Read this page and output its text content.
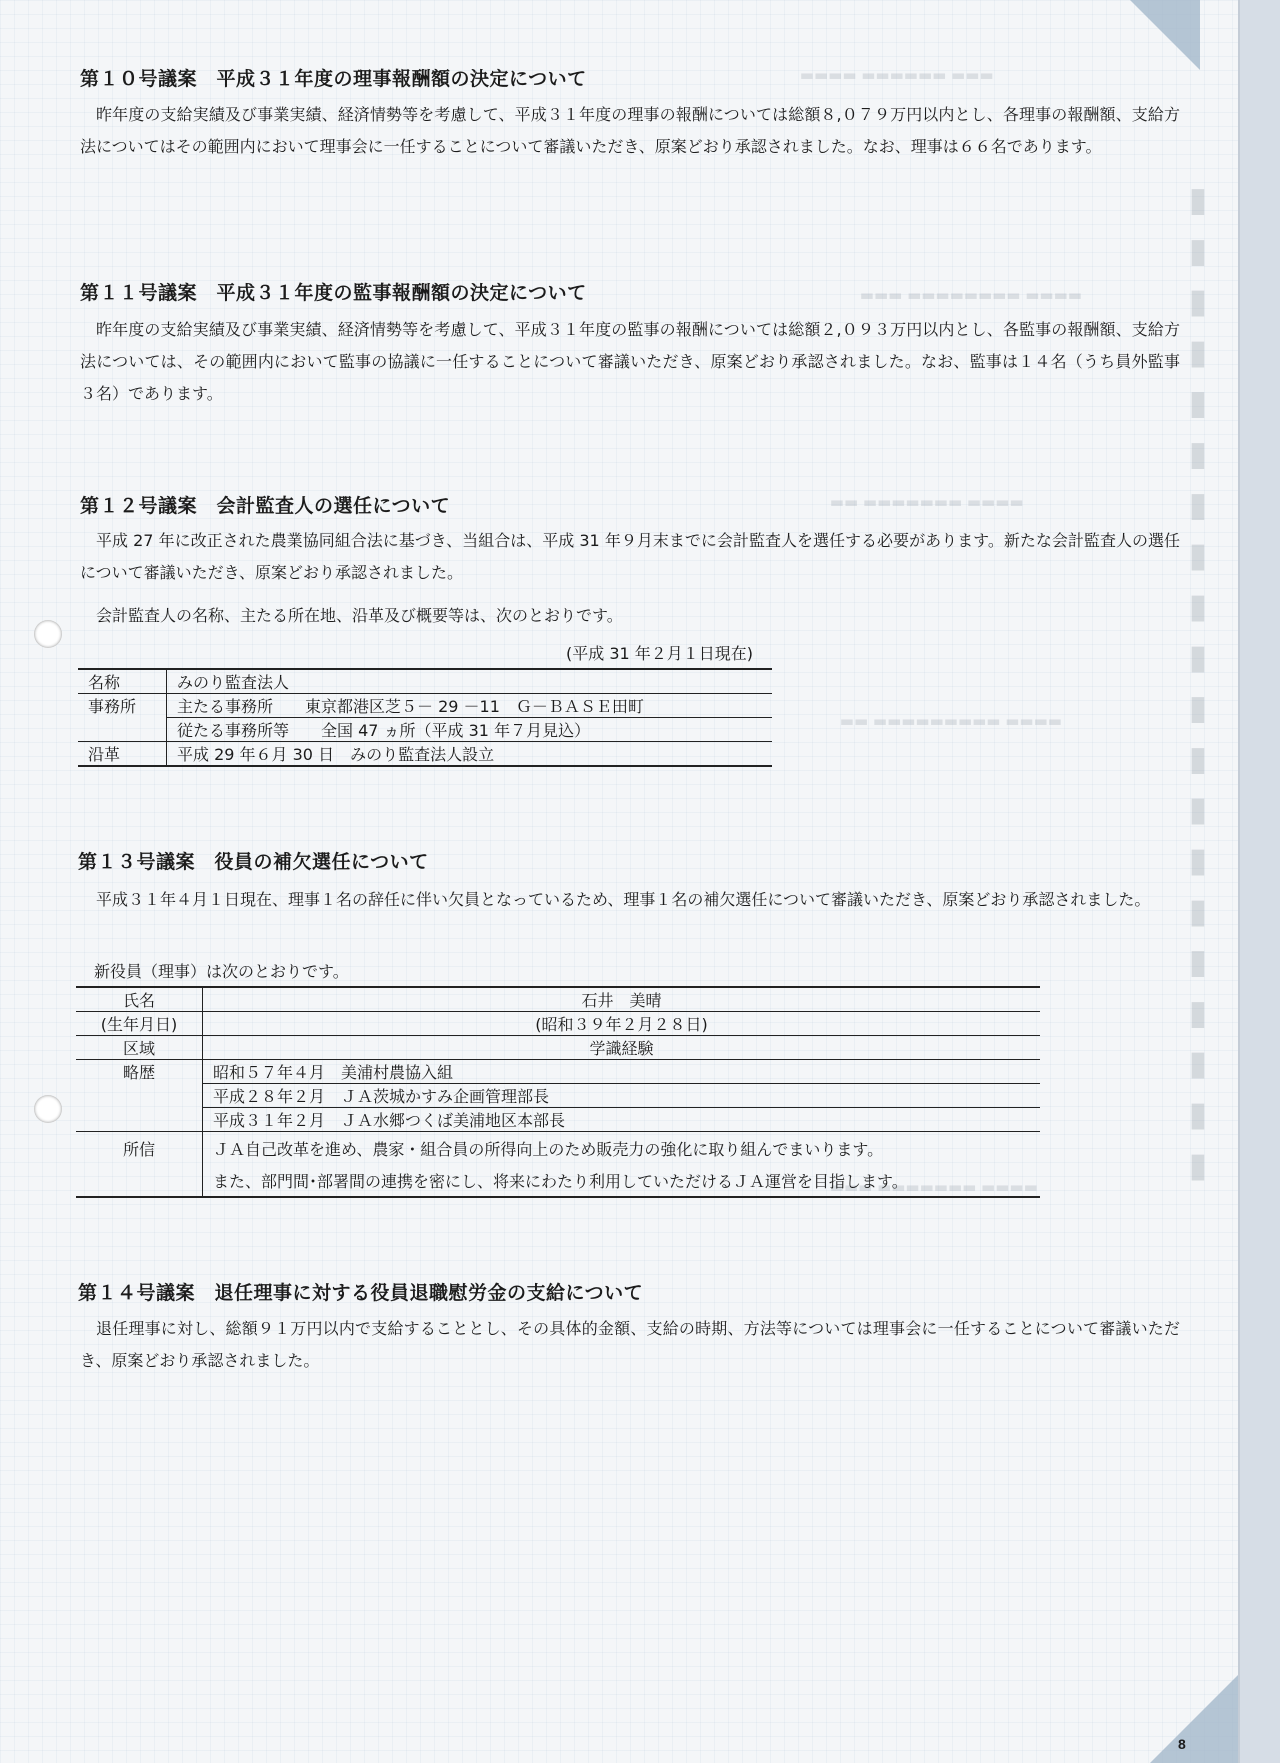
▬▬▬ ▬▬▬▬▬▬ ▬▬▬▬
▬▬▬▬ ▬▬▬▬▬▬▬▬ ▬▬▬
▬▬▬▬ ▬▬▬▬▬▬▬ ▬▬
▬▬▬▬ ▬▬▬▬▬▬▬▬▬ ▬▬
▬▬▬▬ ▬▬▬▬▬▬▬ ▬▬▬
▮ ▮ ▮ ▮ ▮ ▮ ▮ ▮ ▮ ▮ ▮ ▮ ▮ ▮ ▮ ▮ ▮ ▮ ▮ ▮
第１０号議案　平成３１年度の理事報酬額の決定について
昨年度の支給実績及び事業実績、経済情勢等を考慮して、平成３１年度の理事の報酬については総額８,０７９万円以内とし、各理事の報酬額、支給方法についてはその範囲内において理事会に一任することについて審議いただき、原案どおり承認されました。なお、理事は６６名であります。
第１１号議案　平成３１年度の監事報酬額の決定について
昨年度の支給実績及び事業実績、経済情勢等を考慮して、平成３１年度の監事の報酬については総額２,０９３万円以内とし、各監事の報酬額、支給方法については、その範囲内において監事の協議に一任することについて審議いただき、原案どおり承認されました。なお、監事は１４名（うち員外監事３名）であります。
第１２号議案　会計監査人の選任について
平成 27 年に改正された農業協同組合法に基づき、当組合は、平成 31 年９月末までに会計監査人を選任する必要があります。新たな会計監査人の選任について審議いただき、原案どおり承認されました。
会計監査人の名称、主たる所在地、沿革及び概要等は、次のとおりです。
(平成 31 年２月１日現在)
名称	みのり監査法人
事務所	主たる事務所　　東京都港区芝５－ 29 －11　Ｇ－ＢＡＳＥ田町
	従たる事務所等　　全国 47 ヵ所（平成 31 年７月見込）
沿革	平成 29 年６月 30 日　みのり監査法人設立
第１３号議案　役員の補欠選任について
平成３１年４月１日現在、理事１名の辞任に伴い欠員となっているため、理事１名の補欠選任について審議いただき、原案どおり承認されました。
新役員（理事）は次のとおりです。
氏名	石井　美晴
(生年月日)	(昭和３９年２月２８日)
区域	学識経験
略歴	昭和５７年４月　美浦村農協入組
	平成２８年２月　ＪＡ茨城かすみ企画管理部長
	平成３１年２月　ＪＡ水郷つくば美浦地区本部長
所信	ＪＡ自己改革を進め、農家・組合員の所得向上のため販売力の強化に取り組んでまいります。
	また、部門間･部署間の連携を密にし、将来にわたり利用していただけるＪＡ運営を目指します。
第１４号議案　退任理事に対する役員退職慰労金の支給について
退任理事に対し、総額９１万円以内で支給することとし、その具体的金額、支給の時期、方法等については理事会に一任することについて審議いただき、原案どおり承認されました。
8
